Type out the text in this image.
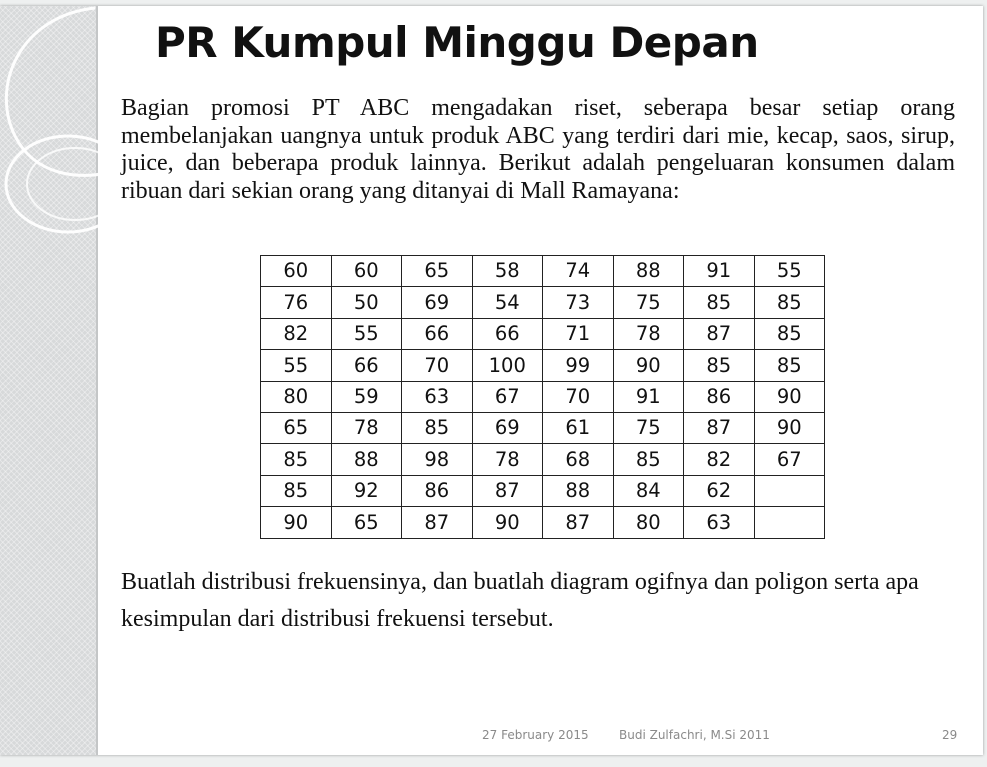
PR Kumpul Minggu Depan
Bagian promosi PT ABC mengadakan riset, seberapa besar setiap orang membelanjakan uangnya untuk produk ABC yang terdiri dari mie, kecap, saos, sirup, juice, dan beberapa produk lainnya. Berikut adalah pengeluaran konsumen dalam ribuan dari sekian orang yang ditanyai di Mall Ramayana:
60	60	65	58	74	88	91	55
76	50	69	54	73	75	85	85
82	55	66	66	71	78	87	85
55	66	70	100	99	90	85	85
80	59	63	67	70	91	86	90
65	78	85	69	61	75	87	90
85	88	98	78	68	85	82	67
85	92	86	87	88	84	62	
90	65	87	90	87	80	63	
Buatlah distribusi frekuensinya, dan buatlah diagram ogifnya dan poligon serta apa kesimpulan dari distribusi frekuensi tersebut.
27 February 2015	Budi Zulfachri, M.Si 2011	29
